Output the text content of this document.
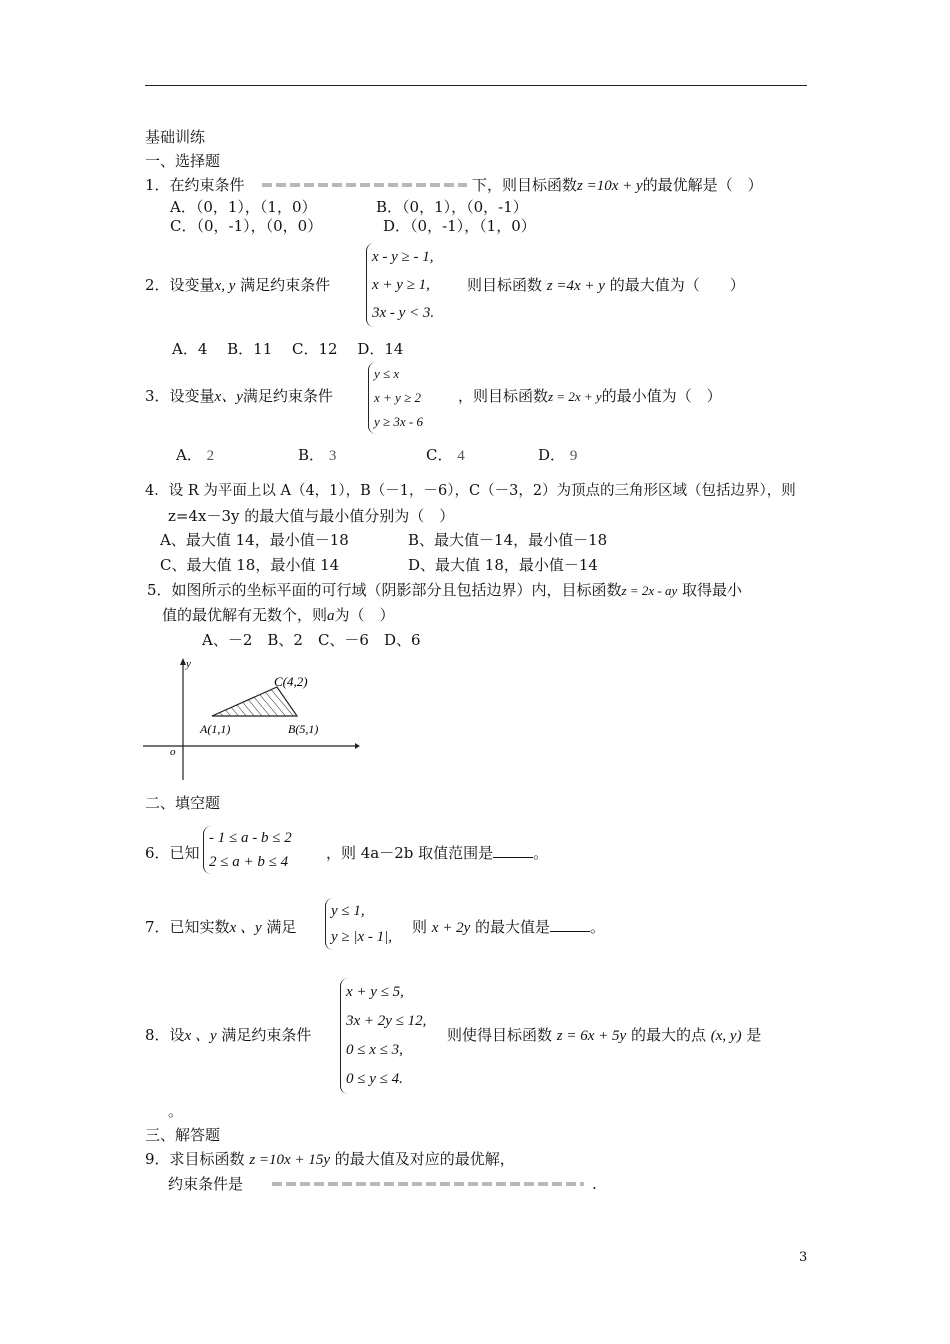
基础训练
一、选择题
1．在约束条件	下，则目标函数z =10x + y的最优解是（　）
A．（0，1），（1，0）	B．（0，1），（0，-1）
C．（0，-1），（0，0）	D．（0，-1），（1，0）
2．设变量x, y 满足约束条件
x - y ≥ - 1,
x + y ≥ 1,
3x - y < 3.
则目标函数 z =4x + y 的最大值为（　　）
A．4　 B．11　 C．12　 D．14
3．设变量x、y满足约束条件
y ≤ x
x + y ≥ 2
y ≥ 3x - 6
，则目标函数z = 2x + y的最小值为（　）
A． 2	B． 3	C． 4	D． 9
4．设 R 为平面上以 A（4，1），B（－1，－6），C（－3，2）为顶点的三角形区域（包括边界），则
z=4x－3y 的最大值与最小值分别为（　）
A、最大值 14，最小值－18	B、最大值－14，最小值－18
C、最大值 18，最小值 14	D、最大值 18，最小值－14
5．如图所示的坐标平面的可行域（阴影部分且包括边界）内，目标函数z = 2x - ay 取得最小
值的最优解有无数个，则a为（　）
A、－2　B、2　C、－6　D、6
y
o
C(4,2)
A(1,1)	B(5,1)
二、填空题
6．已知
- 1 ≤ a - b ≤ 2
2 ≤ a + b ≤ 4	，则 4a－2b 取值范围是	。
7．已知实数x 、y 满足
y ≤ 1,
y ≥ |x - 1|,
则 x + 2y 的最大值是	。
8．设x 、y 满足约束条件
x + y ≤ 5,
3x + 2y ≤ 12,
0 ≤ x ≤ 3,
0 ≤ y ≤ 4.
则使得目标函数 z = 6x + 5y 的最大的点 (x, y) 是
。
三、解答题
9．求目标函数 z =10x + 15y 的最大值及对应的最优解，
约束条件是	.
3
